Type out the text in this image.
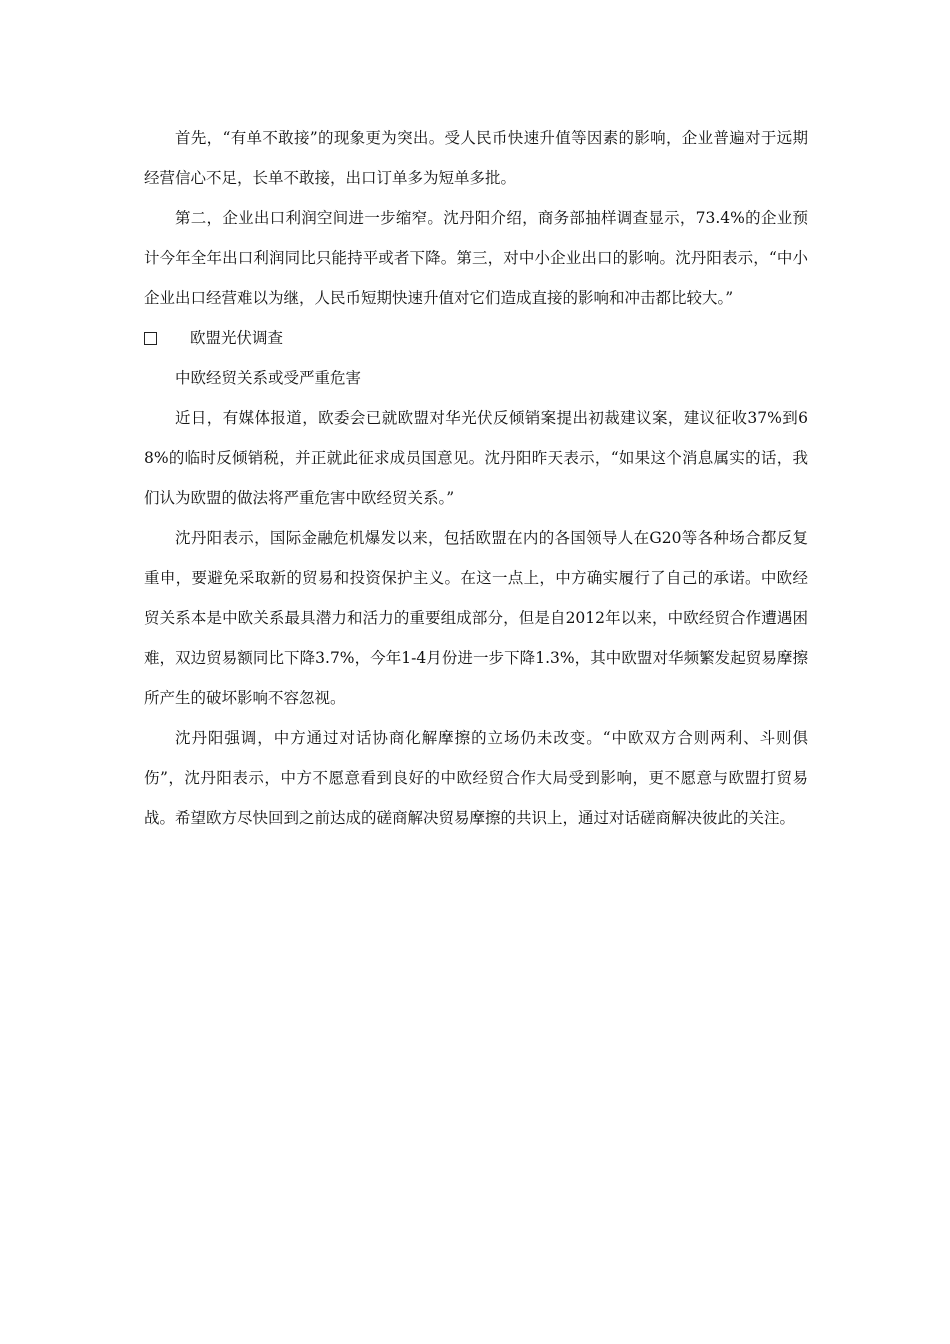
首先，“有单不敢接”的现象更为突出。受人民币快速升值等因素的影响，企业普遍对于远期经营信心不足，长单不敢接，出口订单多为短单多批。

第二，企业出口利润空间进一步缩窄。沈丹阳介绍，商务部抽样调查显示，73.4%的企业预计今年全年出口利润同比只能持平或者下降。第三，对中小企业出口的影响。沈丹阳表示，“中小企业出口经营难以为继，人民币短期快速升值对它们造成直接的影响和冲击都比较大。”

欧盟光伏调查

中欧经贸关系或受严重危害

近日，有媒体报道，欧委会已就欧盟对华光伏反倾销案提出初裁建议案，建议征收37%到68%的临时反倾销税，并正就此征求成员国意见。沈丹阳昨天表示，“如果这个消息属实的话，我们认为欧盟的做法将严重危害中欧经贸关系。”

沈丹阳表示，国际金融危机爆发以来，包括欧盟在内的各国领导人在G20等各种场合都反复重申，要避免采取新的贸易和投资保护主义。在这一点上，中方确实履行了自己的承诺。中欧经贸关系本是中欧关系最具潜力和活力的重要组成部分，但是自2012年以来，中欧经贸合作遭遇困难，双边贸易额同比下降3.7%，今年1-4月份进一步下降1.3%，其中欧盟对华频繁发起贸易摩擦所产生的破坏影响不容忽视。

沈丹阳强调，中方通过对话协商化解摩擦的立场仍未改变。“中欧双方合则两利、斗则俱伤”，沈丹阳表示，中方不愿意看到良好的中欧经贸合作大局受到影响，更不愿意与欧盟打贸易战。希望欧方尽快回到之前达成的磋商解决贸易摩擦的共识上，通过对话磋商解决彼此的关注。
